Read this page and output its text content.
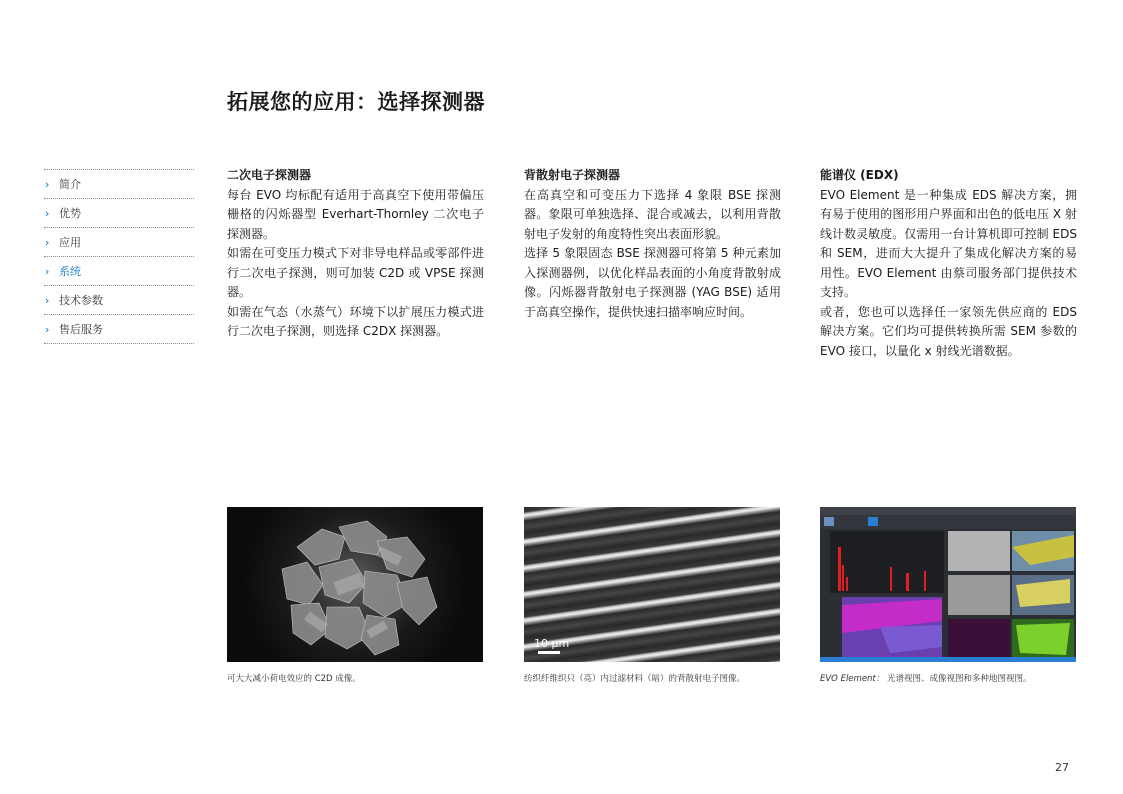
拓展您的应用：选择探测器
› 简介
› 优势
› 应用
› 系统
› 技术参数
› 售后服务
二次电子探测器

每台 EVO 均标配有适用于高真空下使用带偏压栅格的闪烁器型 Everhart-Thornley 二次电子探测器。

如需在可变压力模式下对非导电样品或零部件进行二次电子探测，则可加装 C2D 或 VPSE 探测器。

如需在气态（水蒸气）环境下以扩展压力模式进行二次电子探测，则选择 C2DX 探测器。

背散射电子探测器

在高真空和可变压力下选择 4 象限 BSE 探测器。象限可单独选择、混合或减去，以利用背散射电子发射的角度特性突出表面形貌。

选择 5 象限固态 BSE 探测器可将第 5 种元素加入探测器例，以优化样品表面的小角度背散射成像。闪烁器背散射电子探测器 (YAG BSE) 适用于高真空操作，提供快速扫描率响应时间。

能谱仪 (EDX)

EVO Element 是一种集成 EDS 解决方案，拥有易于使用的图形用户界面和出色的低电压 X 射线计数灵敏度。仅需用一台计算机即可控制 EDS 和 SEM，进而大大提升了集成化解决方案的易用性。EVO Element 由蔡司服务部门提供技术支持。

或者，您也可以选择任一家领先供应商的 EDS 解决方案。它们均可提供转换所需 SEM 参数的 EVO 接口，以量化 x 射线光谱数据。

10 µm
可大大减小荷电效应的 C2D 成像。	纺织纤维织只（亮）内过滤材料（暗）的背散射电子图像。	EVO Element： 光谱视图、成像视图和多种地图视图。
27
